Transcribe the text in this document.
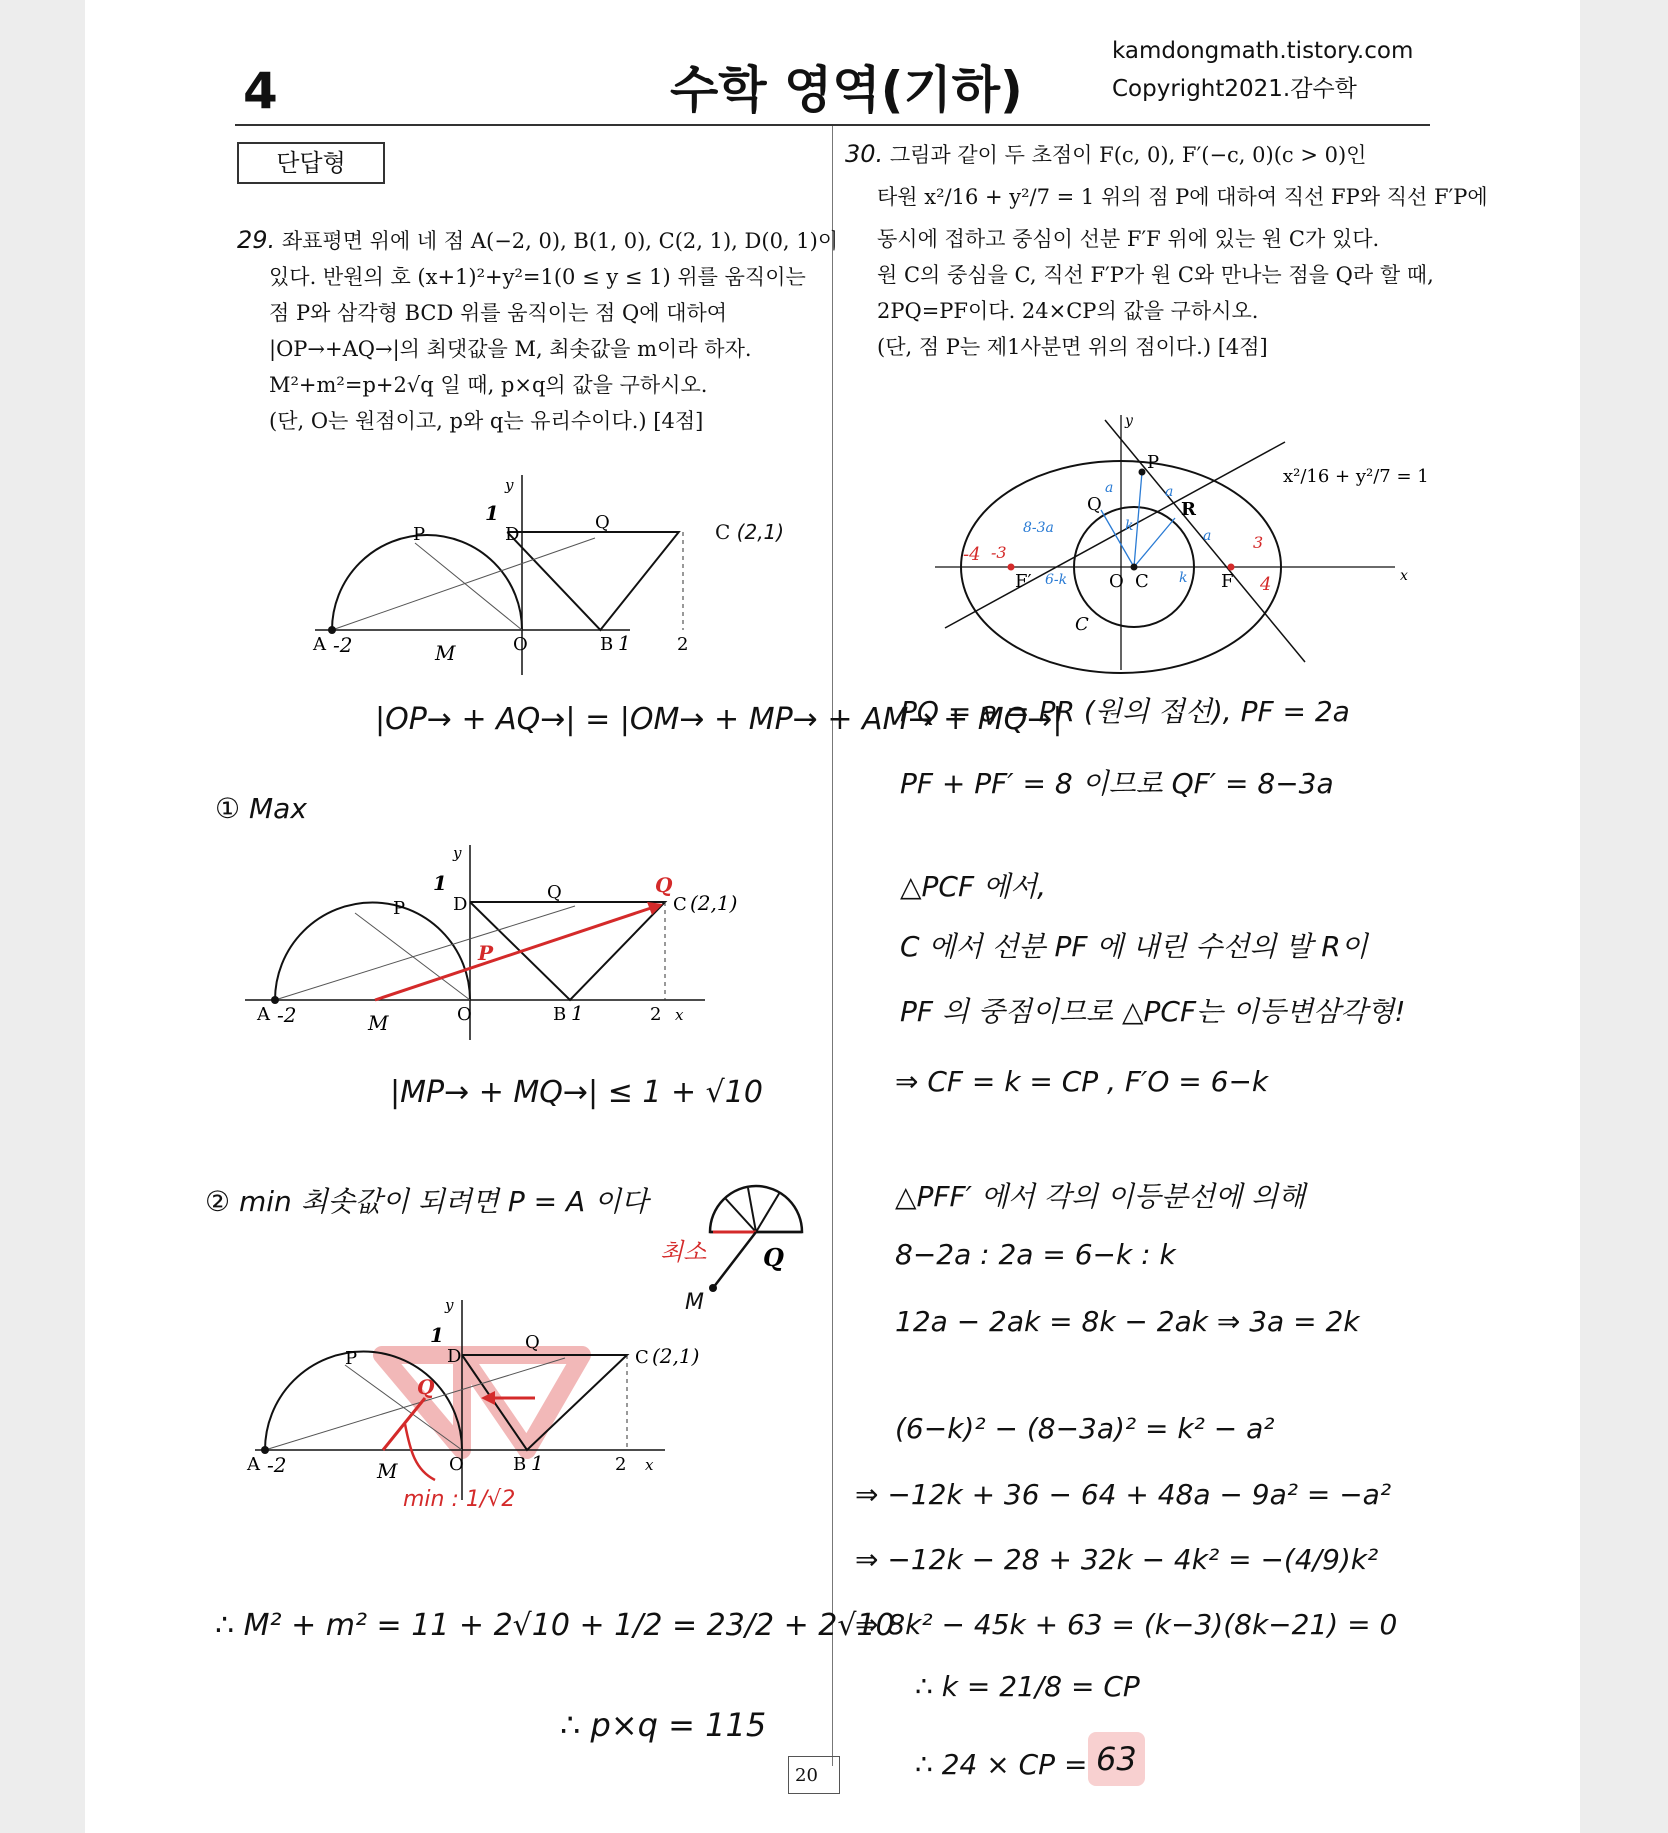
4	수학 영역(기하)
kamdongmath.tistory.com
Copyright2021.감수학
단답형
29. 좌표평면 위에 네 점 A(−2, 0), B(1, 0), C(2, 1), D(0, 1)이
있다. 반원의 호 (x+1)²+y²=1(0 ≤ y ≤ 1) 위를 움직이는
점 P와 삼각형 BCD 위를 움직이는 점 Q에 대하여
|OP→+AQ→|의 최댓값을 M, 최솟값을 m이라 하자.
M²+m²=p+2√q 일 때, p×q의 값을 구하시오.
(단, O는 원점이고, p와 q는 유리수이다.) [4점]
30. 그림과 같이 두 초점이 F(c, 0), F′(−c, 0)(c > 0)인
타원 x²/16 + y²/7 = 1 위의 점 P에 대하여 직선 FP와 직선 F′P에
동시에 접하고 중심이 선분 F′F 위에 있는 원 C가 있다.
원 C의 중심을 C, 직선 F′P가 원 C와 만나는 점을 Q라 할 때,
2PQ=PF이다. 24×CP의 값을 구하시오.
(단, 점 P는 제1사분면 위의 점이다.) [4점]
A -2	M	O	B 1	2
1
D
P
Q
y
C (2,1)
|OP→ + AQ→| = |OM→ + MP→ + AM→ + MQ→|
① Max
A -2	M	O	B 1	2
1
D
P
Q	Q
P
C (2,1)
x
y
|MP→ + MQ→| ≤ 1 + √10
② min 최솟값이 되려면 P = A 이다
Q
최소
M
A -2	M	O	B 1	2
1
D
P
Q
Q
C (2,1)
x
y
min : 1/√2
∴ M² + m² = 11 + 2√10 + 1/2 = 23/2 + 2√10
∴ p×q = 115
F′	F
O C
P
Q	R
C
y
x
x²/16 + y²/7 = 1
-4 -3
3
4
a	a
a
k
k
8-3a
6-k
PQ = a = PR (원의 접선), PF = 2a
PF + PF′ = 8 이므로 QF′ = 8−3a
△PCF 에서,
C 에서 선분 PF 에 내린 수선의 발 R이
PF 의 중점이므로 △PCF는 이등변삼각형!
⇒ CF = k = CP , F′O = 6−k
△PFF′ 에서 각의 이등분선에 의해
8−2a : 2a = 6−k : k
12a − 2ak = 8k − 2ak ⇒ 3a = 2k
(6−k)² − (8−3a)² = k² − a²
⇒ −12k + 36 − 64 + 48a − 9a² = −a²
⇒ −12k − 28 + 32k − 4k² = −(4/9)k²
⇒ 8k² − 45k + 63 = (k−3)(8k−21) = 0
∴ k = 21/8 = CP
∴ 24 × CP = 63
20
